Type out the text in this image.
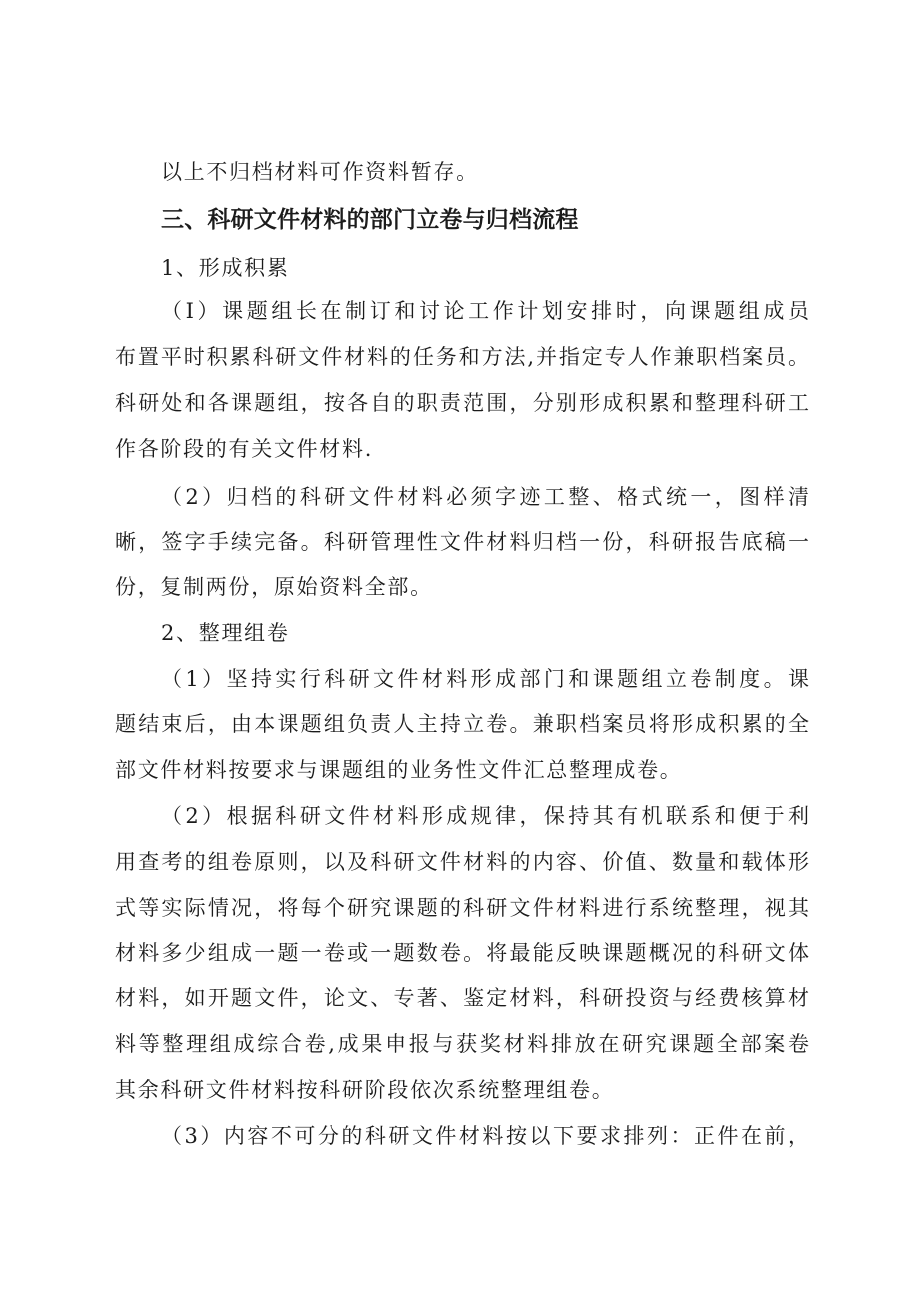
以上不归档材料可作资料暂存。
三、科研文件材料的部门立卷与归档流程
1、形成积累
（I）课题组长在制订和讨论工作计划安排时，向课题组成员
布置平时积累科研文件材料的任务和方法,并指定专人作兼职档案员。
科研处和各课题组，按各自的职责范围，分别形成积累和整理科研工
作各阶段的有关文件材料.
（2）归档的科研文件材料必须字迹工整、格式统一，图样清
晰，签字手续完备。科研管理性文件材料归档一份，科研报告底稿一
份，复制两份，原始资料全部。
2、整理组卷
（1）坚持实行科研文件材料形成部门和课题组立卷制度。课
题结束后，由本课题组负责人主持立卷。兼职档案员将形成积累的全
部文件材料按要求与课题组的业务性文件汇总整理成卷。
（2）根据科研文件材料形成规律，保持其有机联系和便于利
用查考的组卷原则，以及科研文件材料的内容、价值、数量和载体形
式等实际情况，将每个研究课题的科研文件材料进行系统整理，视其
材料多少组成一题一卷或一题数卷。将最能反映课题概况的科研文体
材料，如开题文件，论文、专著、鉴定材料，科研投资与经费核算材
料等整理组成综合卷,成果申报与获奖材料排放在研究课题全部案卷
其余科研文件材料按科研阶段依次系统整理组卷。
（3）内容不可分的科研文件材料按以下要求排列：正件在前，
